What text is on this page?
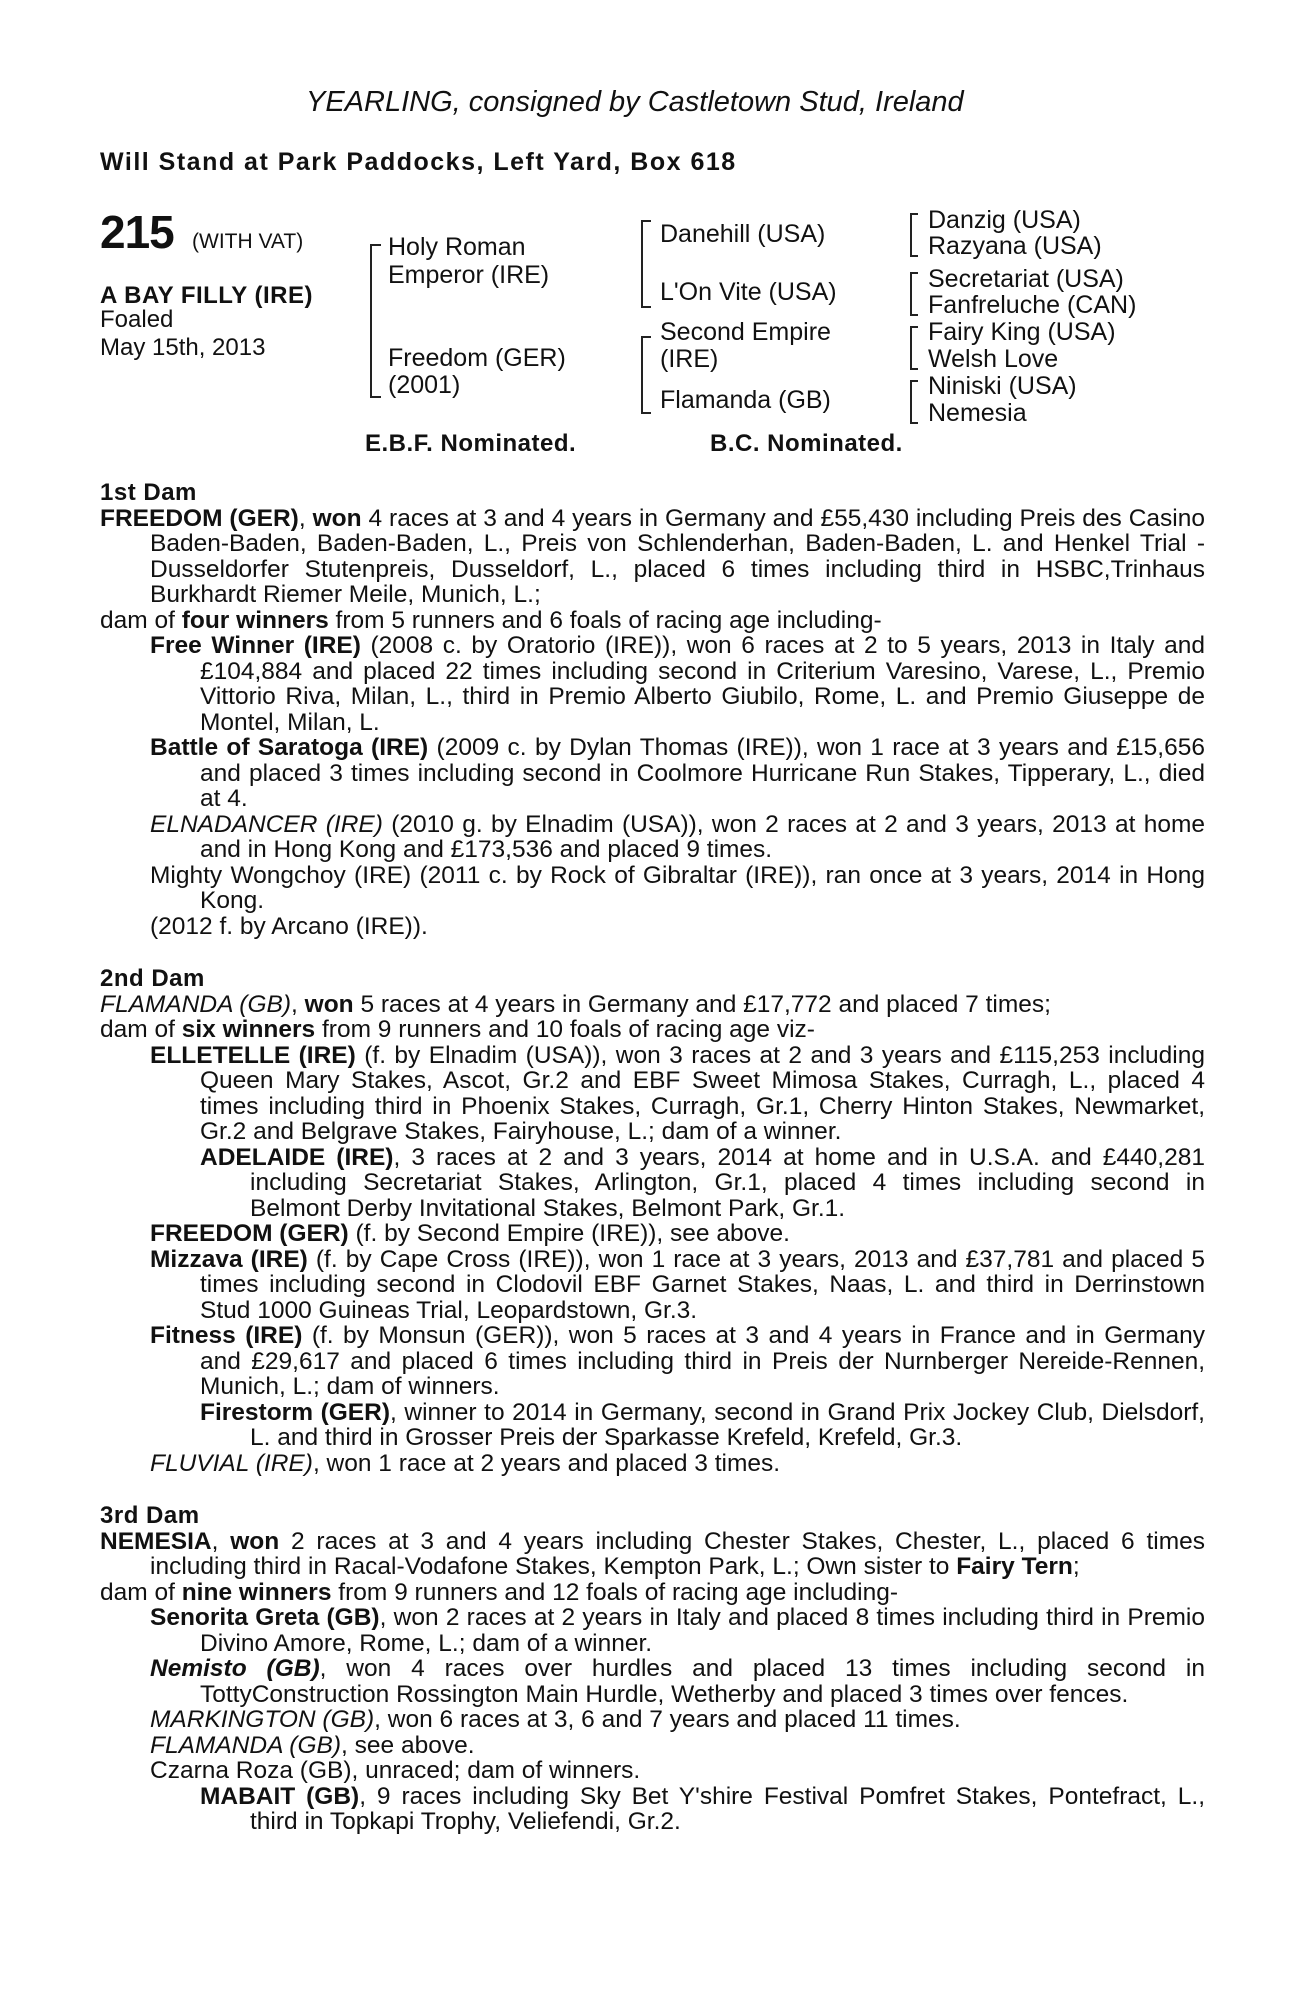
YEARLING, consigned by Castletown Stud, Ireland
Will Stand at Park Paddocks, Left Yard, Box 618
215 (WITH VAT)
A BAY FILLY (IRE)
Foaled
May 15th, 2013
Holy Roman
Emperor (IRE)
Freedom (GER)
(2001)
Danehill (USA)
L'On Vite (USA)
Second Empire
(IRE)
Flamanda (GB)
Danzig (USA)
Razyana (USA)
Secretariat (USA)
Fanfreluche (CAN)
Fairy King (USA)
Welsh Love
Niniski (USA)
Nemesia
E.B.F. Nominated.	B.C. Nominated.
1st Dam
FREEDOM (GER), won 4 races at 3 and 4 years in Germany and £55,430 including Preis des Casino Baden-Baden, Baden-Baden, L., Preis von Schlenderhan, Baden-Baden, L. and Henkel Trial - Dusseldorfer Stutenpreis, Dusseldorf, L., placed 6 times including third in HSBC,Trinhaus Burkhardt Riemer Meile, Munich, L.;
dam of four winners from 5 runners and 6 foals of racing age including-
Free Winner (IRE) (2008 c. by Oratorio (IRE)), won 6 races at 2 to 5 years, 2013 in Italy and £104,884 and placed 22 times including second in Criterium Varesino, Varese, L., Premio Vittorio Riva, Milan, L., third in Premio Alberto Giubilo, Rome, L. and Premio Giuseppe de Montel, Milan, L.
Battle of Saratoga (IRE) (2009 c. by Dylan Thomas (IRE)), won 1 race at 3 years and £15,656 and placed 3 times including second in Coolmore Hurricane Run Stakes, Tipperary, L., died at 4.
ELNADANCER (IRE) (2010 g. by Elnadim (USA)), won 2 races at 2 and 3 years, 2013 at home and in Hong Kong and £173,536 and placed 9 times.
Mighty Wongchoy (IRE) (2011 c. by Rock of Gibraltar (IRE)), ran once at 3 years, 2014 in Hong Kong.
(2012 f. by Arcano (IRE)).
2nd Dam
FLAMANDA (GB), won 5 races at 4 years in Germany and £17,772 and placed 7 times;
dam of six winners from 9 runners and 10 foals of racing age viz-
ELLETELLE (IRE) (f. by Elnadim (USA)), won 3 races at 2 and 3 years and £115,253 including Queen Mary Stakes, Ascot, Gr.2 and EBF Sweet Mimosa Stakes, Curragh, L., placed 4 times including third in Phoenix Stakes, Curragh, Gr.1, Cherry Hinton Stakes, Newmarket, Gr.2 and Belgrave Stakes, Fairyhouse, L.; dam of a winner.
ADELAIDE (IRE), 3 races at 2 and 3 years, 2014 at home and in U.S.A. and £440,281 including Secretariat Stakes, Arlington, Gr.1, placed 4 times including second in Belmont Derby Invitational Stakes, Belmont Park, Gr.1.
FREEDOM (GER) (f. by Second Empire (IRE)), see above.
Mizzava (IRE) (f. by Cape Cross (IRE)), won 1 race at 3 years, 2013 and £37,781 and placed 5 times including second in Clodovil EBF Garnet Stakes, Naas, L. and third in Derrinstown Stud 1000 Guineas Trial, Leopardstown, Gr.3.
Fitness (IRE) (f. by Monsun (GER)), won 5 races at 3 and 4 years in France and in Germany and £29,617 and placed 6 times including third in Preis der Nurnberger Nereide-Rennen, Munich, L.; dam of winners.
Firestorm (GER), winner to 2014 in Germany, second in Grand Prix Jockey Club, Dielsdorf, L. and third in Grosser Preis der Sparkasse Krefeld, Krefeld, Gr.3.
FLUVIAL (IRE), won 1 race at 2 years and placed 3 times.
3rd Dam
NEMESIA, won 2 races at 3 and 4 years including Chester Stakes, Chester, L., placed 6 times including third in Racal-Vodafone Stakes, Kempton Park, L.; Own sister to Fairy Tern;
dam of nine winners from 9 runners and 12 foals of racing age including-
Senorita Greta (GB), won 2 races at 2 years in Italy and placed 8 times including third in Premio Divino Amore, Rome, L.; dam of a winner.
Nemisto (GB), won 4 races over hurdles and placed 13 times including second in TottyConstruction Rossington Main Hurdle, Wetherby and placed 3 times over fences.
MARKINGTON (GB), won 6 races at 3, 6 and 7 years and placed 11 times.
FLAMANDA (GB), see above.
Czarna Roza (GB), unraced; dam of winners.
MABAIT (GB), 9 races including Sky Bet Y'shire Festival Pomfret Stakes, Pontefract, L., third in Topkapi Trophy, Veliefendi, Gr.2.
